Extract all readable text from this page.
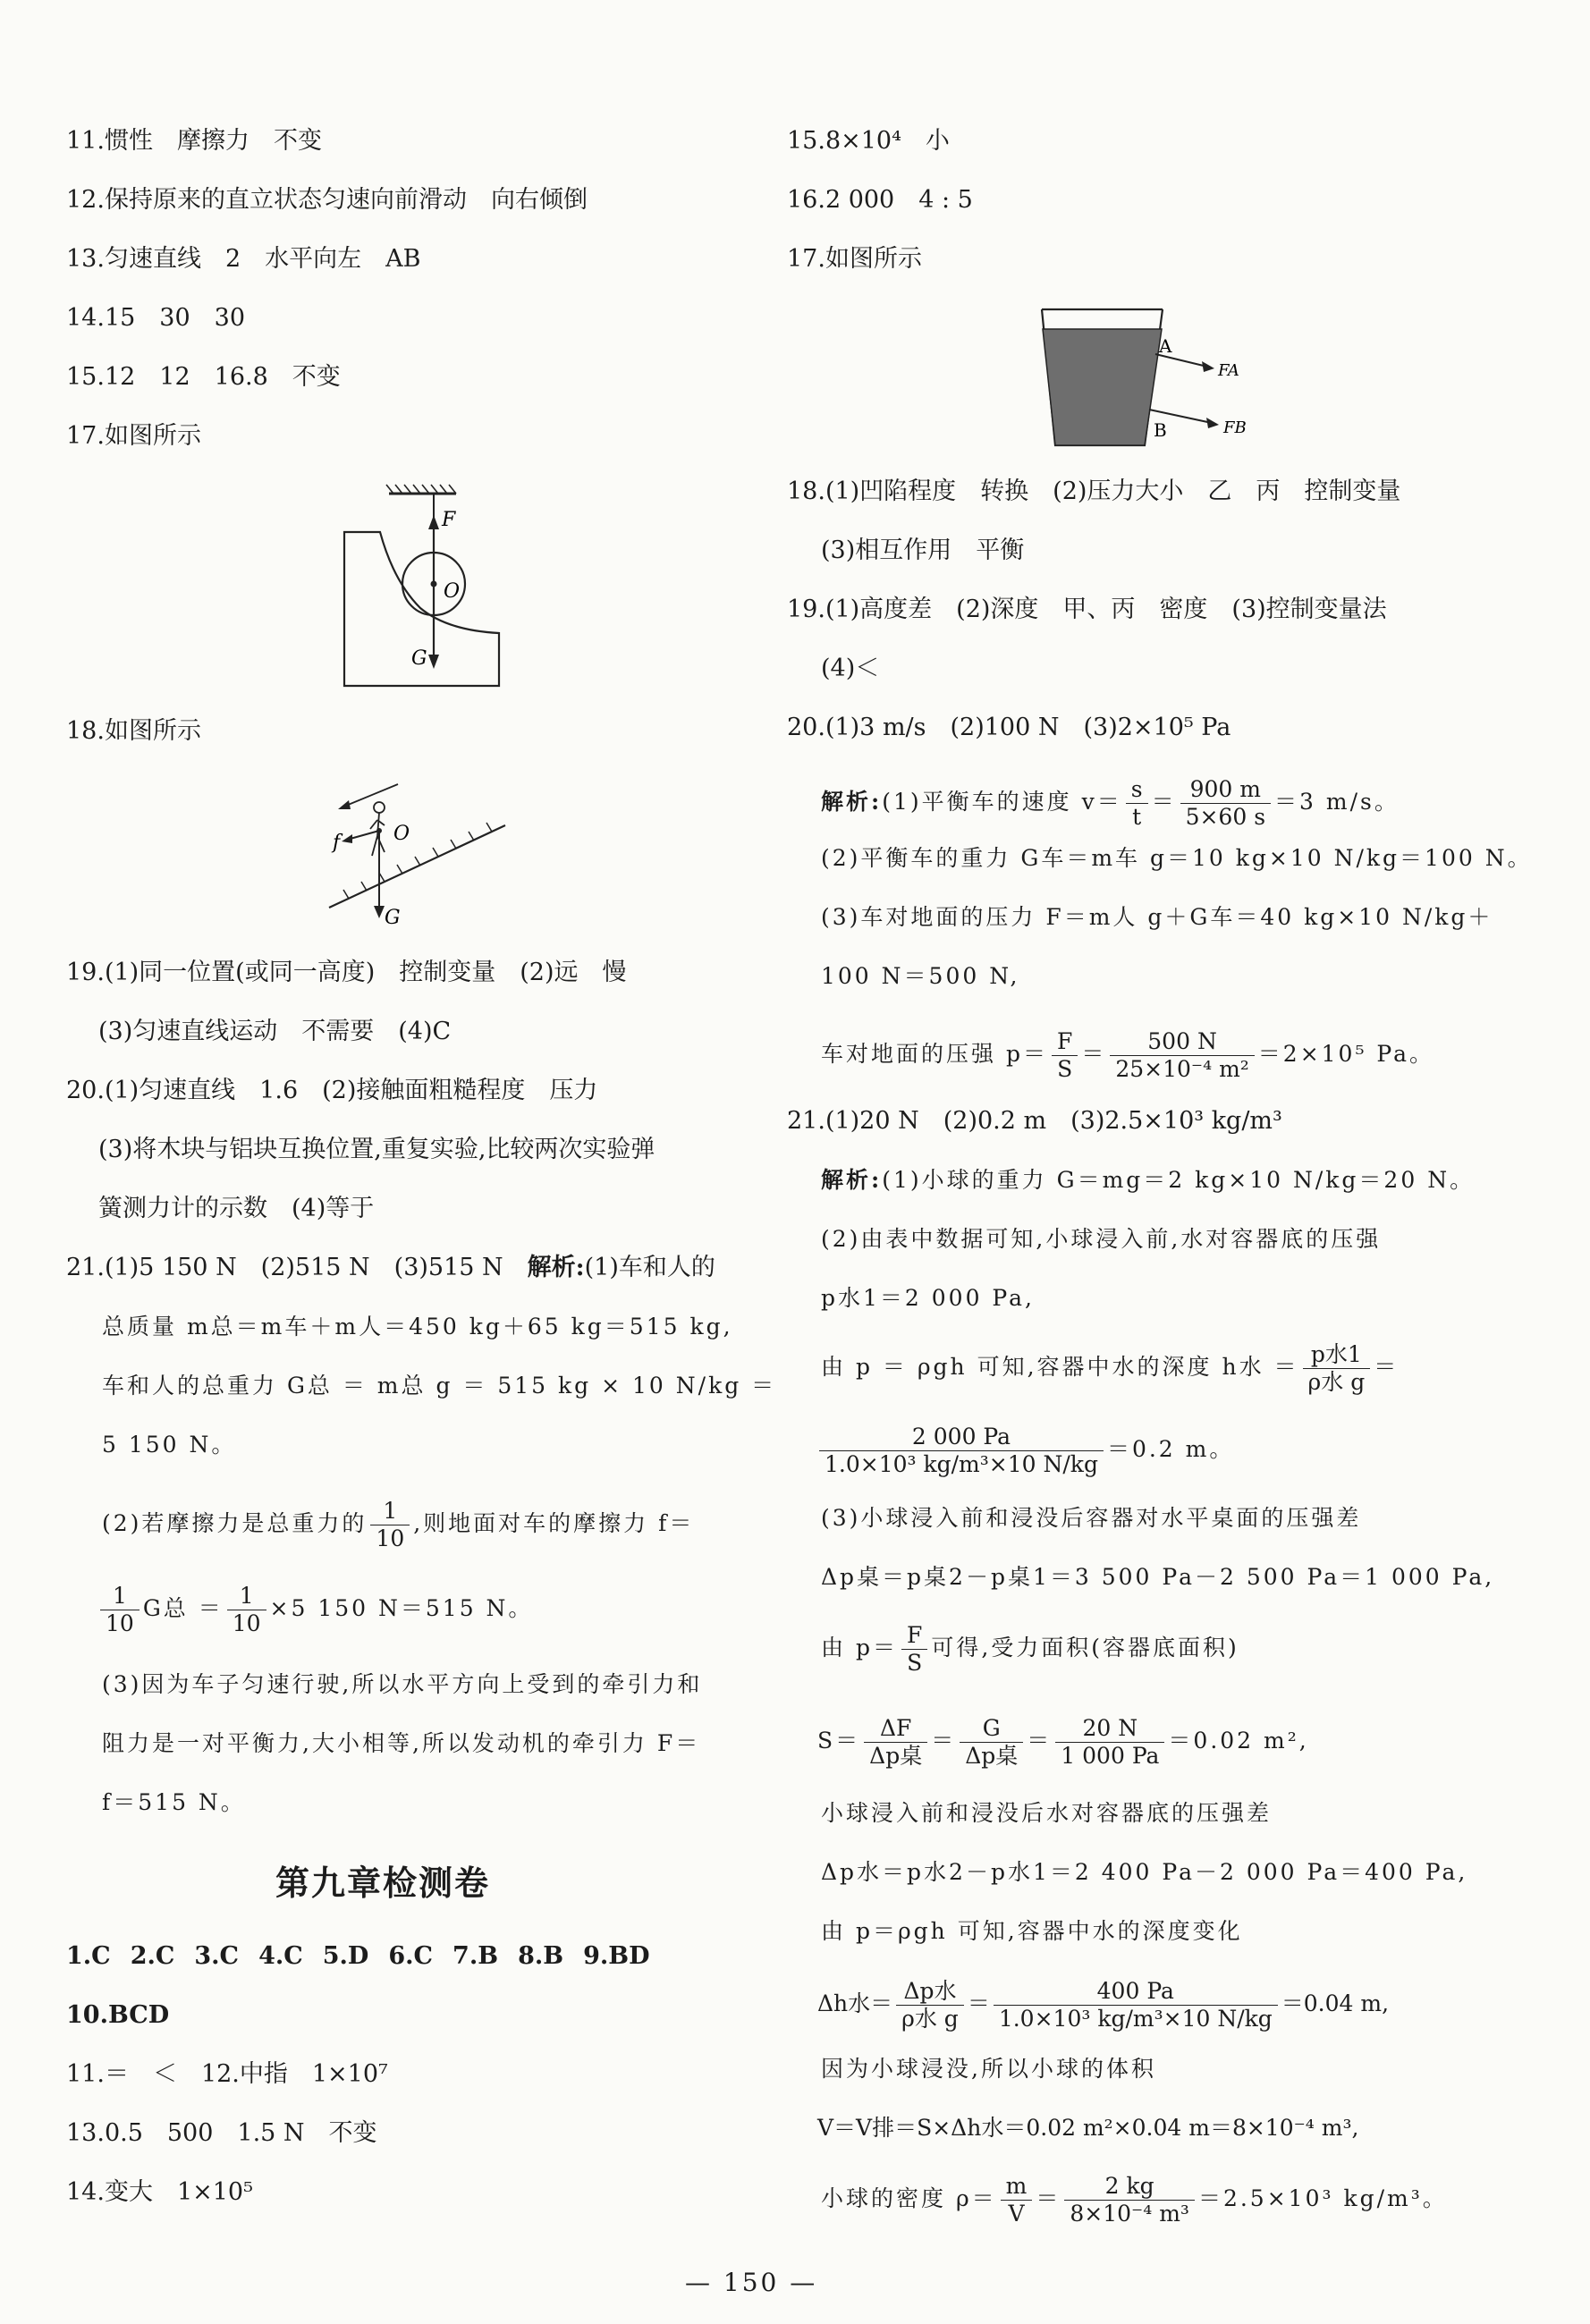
11.惯性　摩擦力　不变
12.保持原来的直立状态匀速向前滑动　向右倾倒
13.匀速直线　2　水平向左　AB
14.15　30　30
15.12　12　16.8　不变
17.如图所示
F
O
G
18.如图所示
f	O
G
19.(1)同一位置(或同一高度)　控制变量　(2)远　慢
(3)匀速直线运动　不需要　(4)C
20.(1)匀速直线　1.6　(2)接触面粗糙程度　压力
(3)将木块与铝块互换位置,重复实验,比较两次实验弹
簧测力计的示数　(4)等于
21.(1)5 150 N　(2)515 N　(3)515 N　解析:(1)车和人的
总质量 m总＝m车＋m人＝450 kg＋65 kg＝515 kg,
车和人的总重力 G总 ＝ m总 g ＝ 515 kg × 10 N/kg ＝
5 150 N。
(2)若摩擦力是总重力的 $\frac{1}{10}$ ,则地面对车的摩擦力 f＝
$\frac{1}{10}$ G总 ＝ $\frac{1}{10} \times 5$ 150 N＝515 N。
(3)因为车子匀速行驶,所以水平方向上受到的牵引力和
阻力是一对平衡力,大小相等,所以发动机的牵引力 F＝
f＝515 N。
第九章检测卷
1.C 2.C 3.C 4.C 5.D 6.C 7.B 8.B 9.BD
10.BCD
11.＝　＜　12.中指　1×10⁷
13.0.5　500　1.5 N　不变
14.变大　1×10⁵
15.8×10⁴　小
16.2 000　4 : 5
17.如图所示
A
B
FA
FB
18.(1)凹陷程度　转换　(2)压力大小　乙　丙　控制变量
(3)相互作用　平衡
19.(1)高度差　(2)深度　甲、丙　密度　(3)控制变量法
(4)＜
20.(1)3 m/s　(2)100 N　(3)2×10⁵ Pa
解析:(1)平衡车的速度 $v= \frac{s}{t} = \frac{900 m}{5\times 60 s} =3$ m/s。
(2)平衡车的重力 G车＝m车 g＝10 kg×10 N/kg＝100 N。
(3)车对地面的压力 F＝m人 g＋G车＝40 kg×10 N/kg＋
100 N＝500 N,
车对地面的压强 $p= \frac{F}{S} = \frac{500 N}{\text{25×10⁻⁴ m²}} =2\times 10^5$ Pa。
21.(1)20 N　(2)0.2 m　(3)2.5×10³ kg/m³
解析:(1)小球的重力 G＝mg＝2 kg×10 N/kg＝20 N。
(2)由表中数据可知,小球浸入前,水对容器底的压强
p水1＝2 000 Pa,
由 p ＝ ρgh 可知,容器中水的深度 h水 ＝ $\frac{\text{p水1}}{\text{ρ水 g}}$ ＝
$\frac{2 000 Pa}{\text{1.0×10³ kg/m³×10 N/kg}} =0.2$ m。
(3)小球浸入前和浸没后容器对水平桌面的压强差
Δp桌＝p桌2－p桌1＝3 500 Pa－2 500 Pa＝1 000 Pa,
由 $p= \frac{F}{S}$ 可得,受力面积(容器底面积)
$S= \frac{\Delta F}{\text{Δp桌}} = \frac{G}{\text{Δp桌}} = \frac{20 N}{1 000 Pa} =0.02$ m²,
小球浸入前和浸没后水对容器底的压强差
Δp水＝p水2－p水1＝2 400 Pa－2 000 Pa＝400 Pa,
由 p＝ρgh 可知,容器中水的深度变化
Δh水＝ $\frac{\text{Δp水}}{\text{ρ水 g}} = \frac{400 Pa}{\text{1.0×10³ kg/m³×10 N/kg}} =0.04$ m,
因为小球浸没,所以小球的体积
V＝V排＝S×Δh水＝0.02 m²×0.04 m＝8×10⁻⁴ m³,
小球的密度 $\rho= \frac{m}{V} = \frac{2 kg}{\text{8×10⁻⁴ m³}} =2.5\times 10^3$ kg/m³。
— 150 —
